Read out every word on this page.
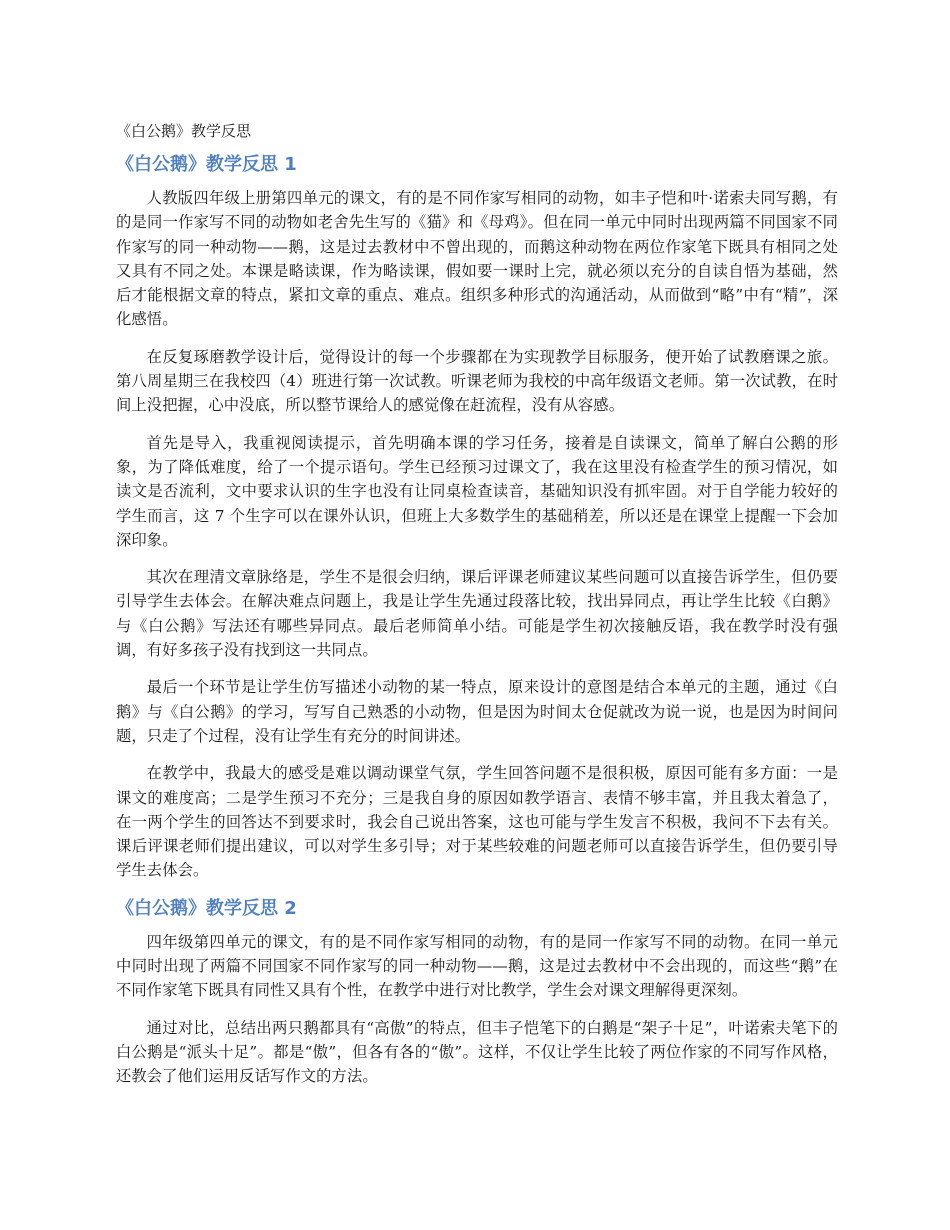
《白公鹅》教学反思
《白公鹅》教学反思 1

人教版四年级上册第四单元的课文，有的是不同作家写相同的动物，如丰子恺和叶·诺索夫同写鹅，有的是同一作家写不同的动物如老舍先生写的《猫》和《母鸡》。但在同一单元中同时出现两篇不同国家不同作家写的同一种动物——鹅，这是过去教材中不曾出现的，而鹅这种动物在两位作家笔下既具有相同之处又具有不同之处。本课是略读课，作为略读课，假如要一课时上完，就必须以充分的自读自悟为基础，然后才能根据文章的特点，紧扣文章的重点、难点。组织多种形式的沟通活动，从而做到“略”中有“精”，深化感悟。

在反复琢磨教学设计后，觉得设计的每一个步骤都在为实现教学目标服务，便开始了试教磨课之旅。第八周星期三在我校四（4）班进行第一次试教。听课老师为我校的中高年级语文老师。第一次试教，在时间上没把握，心中没底，所以整节课给人的感觉像在赶流程，没有从容感。

首先是导入，我重视阅读提示，首先明确本课的学习任务，接着是自读课文，简单了解白公鹅的形象，为了降低难度，给了一个提示语句。学生已经预习过课文了，我在这里没有检查学生的预习情况，如读文是否流利，文中要求认识的生字也没有让同桌检查读音，基础知识没有抓牢固。对于自学能力较好的学生而言，这 7 个生字可以在课外认识，但班上大多数学生的基础稍差，所以还是在课堂上提醒一下会加深印象。

其次在理清文章脉络是，学生不是很会归纳，课后评课老师建议某些问题可以直接告诉学生，但仍要引导学生去体会。在解决难点问题上，我是让学生先通过段落比较，找出异同点，再让学生比较《白鹅》与《白公鹅》写法还有哪些异同点。最后老师简单小结。可能是学生初次接触反语，我在教学时没有强调，有好多孩子没有找到这一共同点。

最后一个环节是让学生仿写描述小动物的某一特点，原来设计的意图是结合本单元的主题，通过《白鹅》与《白公鹅》的学习，写写自己熟悉的小动物，但是因为时间太仓促就改为说一说，也是因为时间问题，只走了个过程，没有让学生有充分的时间讲述。

在教学中，我最大的感受是难以调动课堂气氛，学生回答问题不是很积极，原因可能有多方面：一是课文的难度高；二是学生预习不充分；三是我自身的原因如教学语言、表情不够丰富，并且我太着急了，在一两个学生的回答达不到要求时，我会自己说出答案，这也可能与学生发言不积极，我问不下去有关。课后评课老师们提出建议，可以对学生多引导；对于某些较难的问题老师可以直接告诉学生，但仍要引导学生去体会。

《白公鹅》教学反思 2

四年级第四单元的课文，有的是不同作家写相同的动物，有的是同一作家写不同的动物。在同一单元中同时出现了两篇不同国家不同作家写的同一种动物——鹅，这是过去教材中不会出现的，而这些“鹅”在不同作家笔下既具有同性又具有个性，在教学中进行对比教学，学生会对课文理解得更深刻。

通过对比，总结出两只鹅都具有“高傲”的特点，但丰子恺笔下的白鹅是“架子十足”，叶诺索夫笔下的白公鹅是“派头十足”。都是“傲”，但各有各的“傲”。这样，不仅让学生比较了两位作家的不同写作风格，还教会了他们运用反话写作文的方法。
